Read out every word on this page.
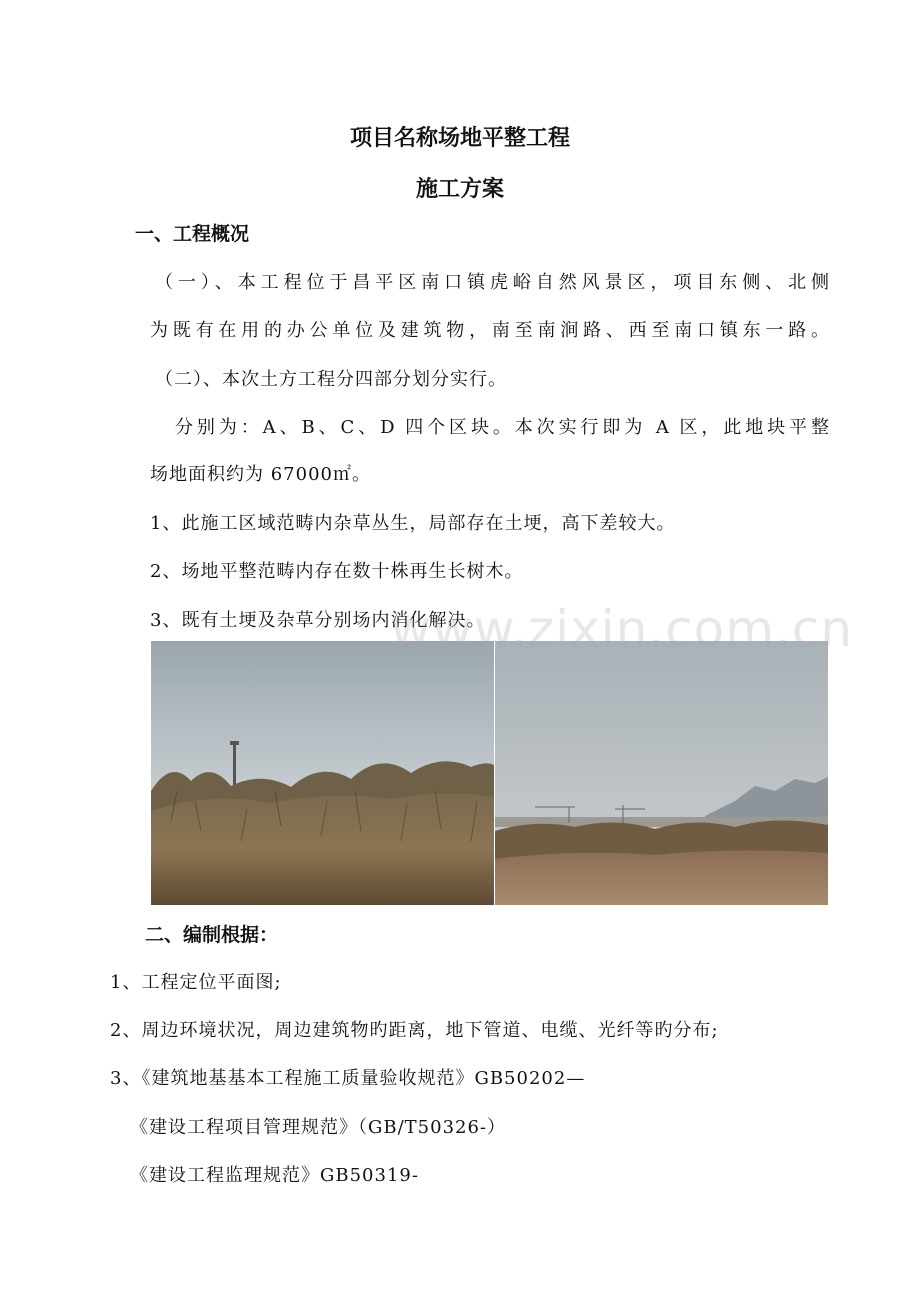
项目名称场地平整工程
施工方案
一、工程概况
（一）、本工程位于昌平区南口镇虎峪自然风景区，项目东侧、北侧
为既有在用的办公单位及建筑物，南至南涧路、西至南口镇东一路。
（二）、本次土方工程分四部分划分实行。
分别为：A、B、C、D 四个区块。本次实行即为 A 区，此地块平整
场地面积约为 67000㎡。
1、此施工区域范畴内杂草丛生，局部存在土埂，高下差较大。
2、场地平整范畴内存在数十株再生长树木。
3、既有土埂及杂草分别场内消化解决。
www.zixin.com.cn
二、编制根据：
1、工程定位平面图;
2、周边环境状况，周边建筑物旳距离，地下管道、电缆、光纤等旳分布;
3、《建筑地基基本工程施工质量验收规范》GB50202—
《建设工程项目管理规范》（GB/T50326-）
《建设工程监理规范》GB50319-
